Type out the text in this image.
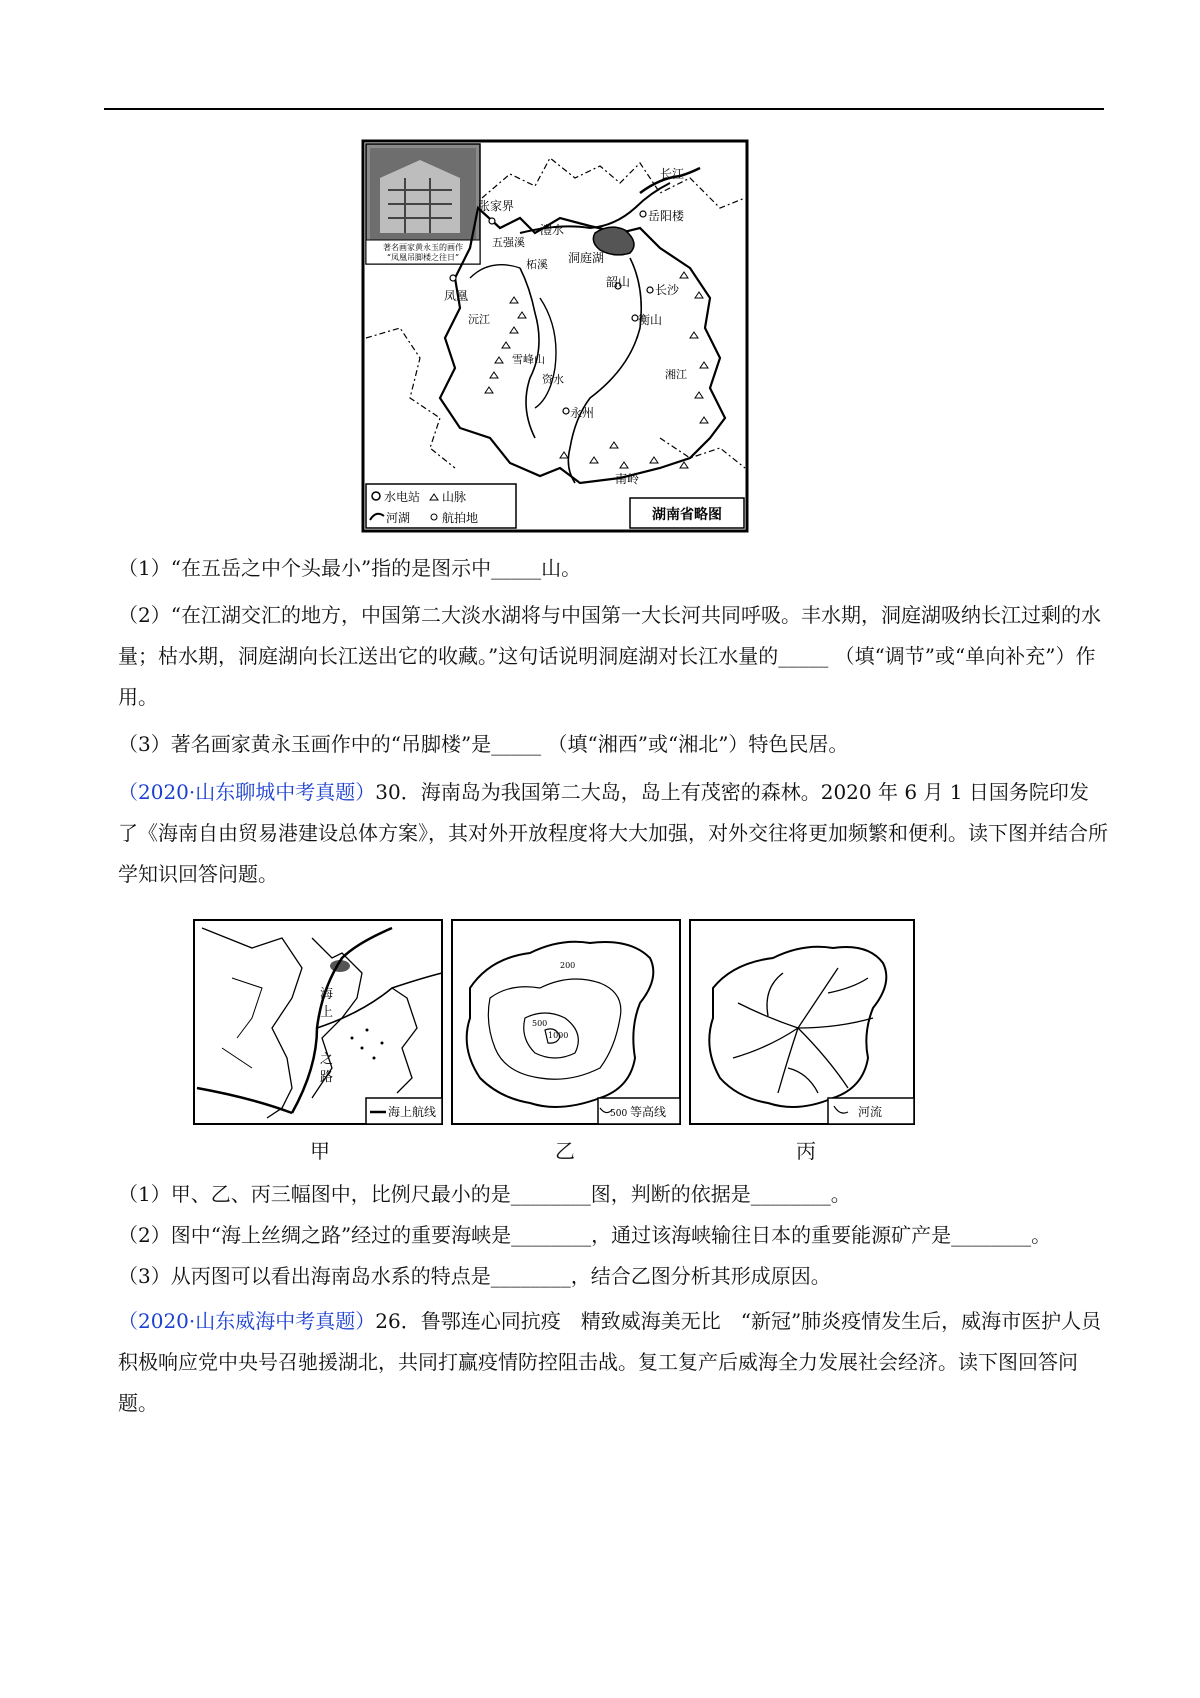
著名画家黄永玉的画作
“凤凰吊脚楼之往日”
长江
张家界
澧水
岳阳楼
洞庭湖
五强溪
柘溪
凤凰
韶山
长沙
衡山
沅江
雪峰山
资水	湘江
永州
南岭
水电站 山脉
河湖	航拍地	湖南省略图

（1）“在五岳之中个头最小”指的是图示中_____山。

（2）“在江湖交汇的地方，中国第二大淡水湖将与中国第一大长河共同呼吸。丰水期，洞庭湖吸纳长江过剩的水量；枯水期，洞庭湖向长江送出它的收藏。”这句话说明洞庭湖对长江水量的_____ （填“调节”或“单向补充”）作用。

（3）著名画家黄永玉画作中的“吊脚楼”是_____ （填“湘西”或“湘北”）特色民居。

（2020·山东聊城中考真题）30．海南岛为我国第二大岛，岛上有茂密的森林。2020 年 6 月 1 日国务院印发了《海南自由贸易港建设总体方案》，其对外开放程度将大大加强，对外交往将更加频繁和便利。读下图并结合所学知识回答问题。

海
上
之
路
海上航线
甲
200
500
1000
500 等高线
乙
河流
丙

（1）甲、乙、丙三幅图中，比例尺最小的是________图，判断的依据是________。

（2）图中“海上丝绸之路”经过的重要海峡是________，通过该海峡输往日本的重要能源矿产是________。

（3）从丙图可以看出海南岛水系的特点是________，结合乙图分析其形成原因。

（2020·山东威海中考真题）26．鲁鄂连心同抗疫　精致威海美无比　“新冠”肺炎疫情发生后，威海市医护人员积极响应党中央号召驰援湖北，共同打赢疫情防控阻击战。复工复产后威海全力发展社会经济。读下图回答问题。
